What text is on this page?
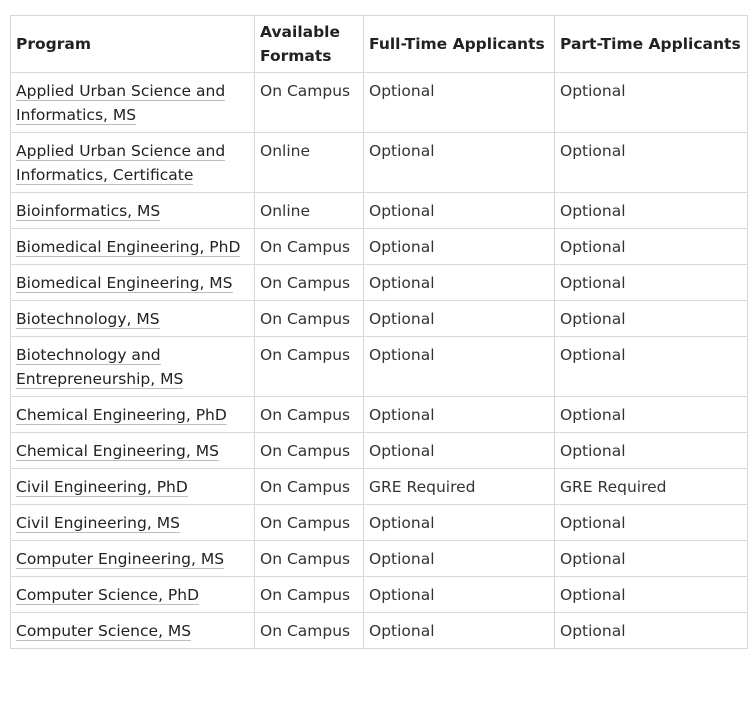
Program	Available Formats	Full-Time Applicants	Part-Time Applicants
Applied Urban Science and Informatics, MS	On Campus	Optional	Optional
Applied Urban Science and Informatics, Certificate	Online	Optional	Optional
Bioinformatics, MS	Online	Optional	Optional
Biomedical Engineering, PhD	On Campus	Optional	Optional
Biomedical Engineering, MS	On Campus	Optional	Optional
Biotechnology, MS	On Campus	Optional	Optional
Biotechnology and Entrepreneurship, MS	On Campus	Optional	Optional
Chemical Engineering, PhD	On Campus	Optional	Optional
Chemical Engineering, MS	On Campus	Optional	Optional
Civil Engineering, PhD	On Campus	GRE Required	GRE Required
Civil Engineering, MS	On Campus	Optional	Optional
Computer Engineering, MS	On Campus	Optional	Optional
Computer Science, PhD	On Campus	Optional	Optional
Computer Science, MS	On Campus	Optional	Optional
